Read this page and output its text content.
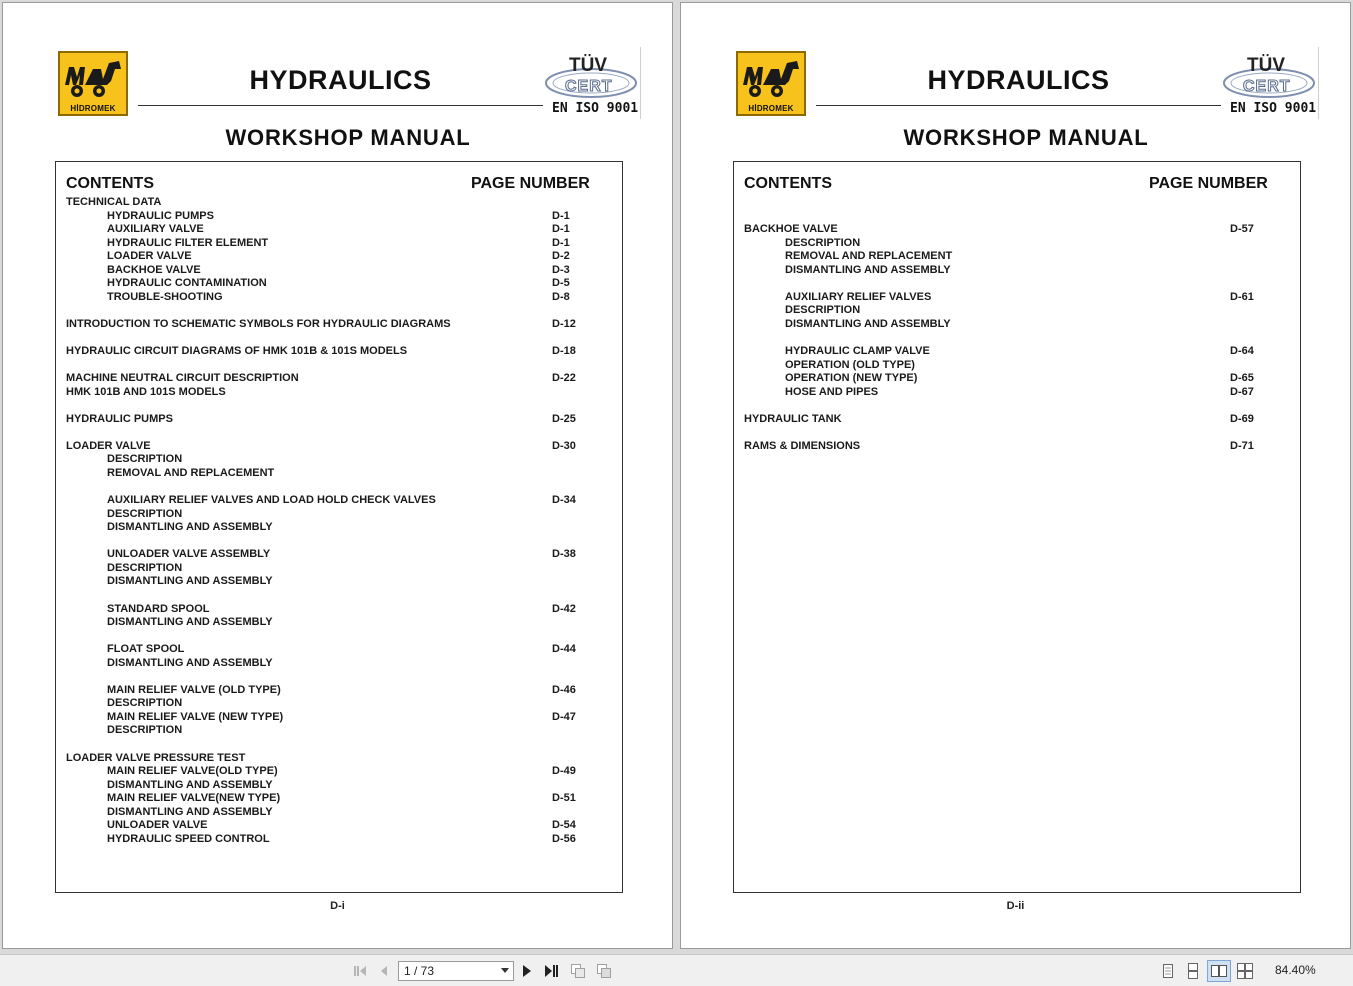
HİDROMEK
HYDRAULICS	TÜV
CERT
EN ISO 9001
WORKSHOP MANUAL
CONTENTS	PAGE NUMBER
TECHNICAL DATA
HYDRAULIC PUMPS	D-1
AUXILIARY VALVE	D-1
HYDRAULIC FILTER ELEMENT	D-1
LOADER VALVE	D-2
BACKHOE VALVE	D-3
HYDRAULIC CONTAMINATION	D-5
TROUBLE-SHOOTING	D-8
INTRODUCTION TO SCHEMATIC SYMBOLS FOR HYDRAULIC DIAGRAMS	D-12
HYDRAULIC CIRCUIT DIAGRAMS OF HMK 101B & 101S MODELS	D-18
MACHINE NEUTRAL CIRCUIT DESCRIPTION	D-22
HMK 101B AND 101S MODELS
HYDRAULIC PUMPS	D-25
LOADER VALVE	D-30
DESCRIPTION
REMOVAL AND REPLACEMENT
AUXILIARY RELIEF VALVES AND LOAD HOLD CHECK VALVES	D-34
DESCRIPTION
DISMANTLING AND ASSEMBLY
UNLOADER VALVE ASSEMBLY	D-38
DESCRIPTION
DISMANTLING AND ASSEMBLY
STANDARD SPOOL	D-42
DISMANTLING AND ASSEMBLY
FLOAT SPOOL	D-44
DISMANTLING AND ASSEMBLY
MAIN RELIEF VALVE (OLD TYPE)	D-46
DESCRIPTION
MAIN RELIEF VALVE (NEW TYPE)	D-47
DESCRIPTION
LOADER VALVE PRESSURE TEST
MAIN RELIEF VALVE(OLD TYPE)	D-49
DISMANTLING AND ASSEMBLY
MAIN RELIEF VALVE(NEW TYPE)	D-51
DISMANTLING AND ASSEMBLY
UNLOADER VALVE	D-54
HYDRAULIC SPEED CONTROL	D-56
D-i
HİDROMEK
HYDRAULICS	TÜV
CERT
EN ISO 9001
WORKSHOP MANUAL
CONTENTS	PAGE NUMBER
BACKHOE VALVE	D-57
DESCRIPTION
REMOVAL AND REPLACEMENT
DISMANTLING AND ASSEMBLY
AUXILIARY RELIEF VALVES	D-61
DESCRIPTION
DISMANTLING AND ASSEMBLY
HYDRAULIC CLAMP VALVE	D-64
OPERATION (OLD TYPE)
OPERATION (NEW TYPE)	D-65
HOSE AND PIPES	D-67
HYDRAULIC TANK	D-69
RAMS & DIMENSIONS	D-71
D-ii
1 / 73	84.40%
